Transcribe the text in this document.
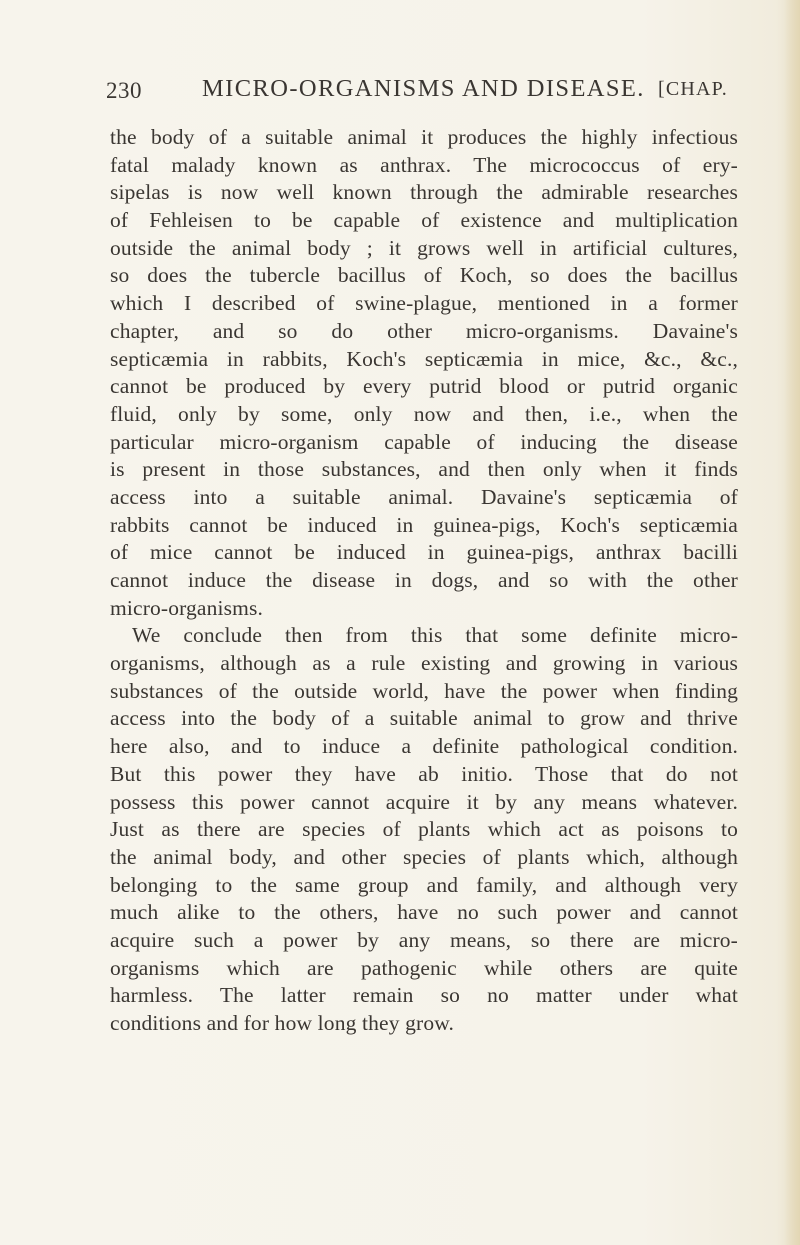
230 MICRO-ORGANISMS AND DISEASE. [CHAP.
the body of a suitable animal it produces the highly infectious
fatal malady known as anthrax. The micrococcus of ery-
sipelas is now well known through the admirable researches
of Fehleisen to be capable of existence and multiplication
outside the animal body ; it grows well in artificial cultures,
so does the tubercle bacillus of Koch, so does the bacillus
which I described of swine-plague, mentioned in a former
chapter, and so do other micro-organisms. Davaine's
septicæmia in rabbits, Koch's septicæmia in mice, &c., &c.,
cannot be produced by every putrid blood or putrid organic
fluid, only by some, only now and then, i.e., when the
particular micro-organism capable of inducing the disease
is present in those substances, and then only when it finds
access into a suitable animal. Davaine's septicæmia of
rabbits cannot be induced in guinea-pigs, Koch's septicæmia
of mice cannot be induced in guinea-pigs, anthrax bacilli
cannot induce the disease in dogs, and so with the other
micro-organisms.
We conclude then from this that some definite micro-
organisms, although as a rule existing and growing in various
substances of the outside world, have the power when finding
access into the body of a suitable animal to grow and thrive
here also, and to induce a definite pathological condition.
But this power they have ab initio. Those that do not
possess this power cannot acquire it by any means whatever.
Just as there are species of plants which act as poisons to
the animal body, and other species of plants which, although
belonging to the same group and family, and although very
much alike to the others, have no such power and cannot
acquire such a power by any means, so there are micro-
organisms which are pathogenic while others are quite
harmless. The latter remain so no matter under what
conditions and for how long they grow.
